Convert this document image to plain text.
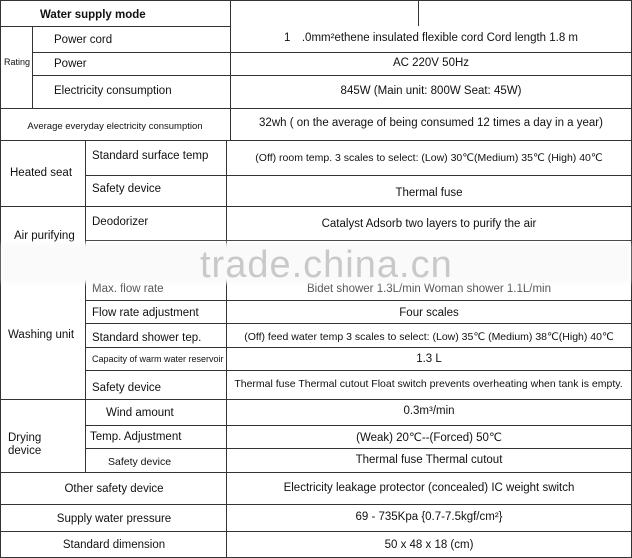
Water supply mode
Rating
Power cord	1　.0mm²ethene insulated flexible cord Cord length 1.8 m
Power	AC 220V 50Hz
Electricity consumption	845W (Main unit: 800W Seat: 45W)
Average everyday electricity consumption	32wh ( on the average of being consumed 12 times a day in a year)
Heated seat
Standard surface temp	(Off) room temp. 3 scales to select: (Low) 30℃(Medium) 35℃ (High) 40℃
Safety device	Thermal fuse
Air purifying
Deodorizer	Catalyst Adsorb two layers to purify the air
Max. flow rate	Bidet shower 1.3L/min Woman shower 1.1L/min
trade.china.cn
Washing unit
Flow rate adjustment	Four scales
Standard shower tep.	(Off) feed water temp 3 scales to select: (Low) 35℃ (Medium) 38℃(High) 40℃
Capacity of warm water reservoir	1.3 L
Safety device	Thermal fuse Thermal cutout Float switch prevents overheating when tank is empty.
Drying
device
Wind amount	0.3m³/min
Temp. Adjustment	(Weak) 20℃--(Forced) 50℃
Safety device	Thermal fuse Thermal cutout
Other safety device	Electricity leakage protector (concealed) IC weight switch
Supply water pressure	69 - 735Kpa {0.7-7.5kgf/cm²}
Standard dimension	50 x 48 x 18 (cm)
